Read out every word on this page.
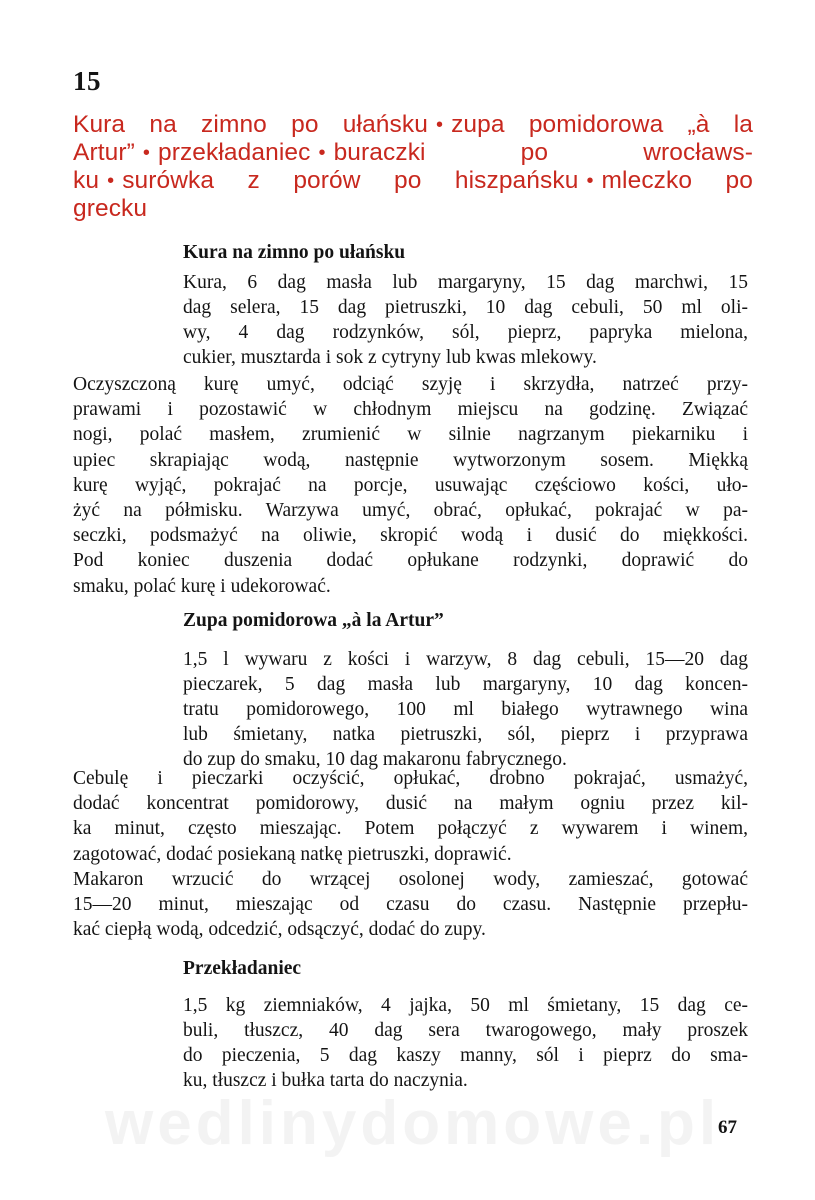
15
Kura na zimno po ułańsku • zupa pomidorowa „à la
Artur” • przekładaniec • buraczki po wrocławs-
ku • surówka z porów po hiszpańsku • mleczko po
grecku
Kura na zimno po ułańsku
Kura, 6 dag masła lub margaryny, 15 dag marchwi, 15
dag selera, 15 dag pietruszki, 10 dag cebuli, 50 ml oli-
wy, 4 dag rodzynków, sól, pieprz, papryka mielona,
cukier, musztarda i sok z cytryny lub kwas mlekowy.
Oczyszczoną kurę umyć, odciąć szyję i skrzydła, natrzeć przy-
prawami i pozostawić w chłodnym miejscu na godzinę. Związać
nogi, polać masłem, zrumienić w silnie nagrzanym piekarniku i
upiec skrapiając wodą, następnie wytworzonym sosem. Miękką
kurę wyjąć, pokrajać na porcje, usuwając częściowo kości, uło-
żyć na półmisku. Warzywa umyć, obrać, opłukać, pokrajać w pa-
seczki, podsmażyć na oliwie, skropić wodą i dusić do miękkości.
Pod koniec duszenia dodać opłukane rodzynki, doprawić do
smaku, polać kurę i udekorować.
Zupa pomidorowa „à la Artur”
1,5 l wywaru z kości i warzyw, 8 dag cebuli, 15—20 dag
pieczarek, 5 dag masła lub margaryny, 10 dag koncen-
tratu pomidorowego, 100 ml białego wytrawnego wina
lub śmietany, natka pietruszki, sól, pieprz i przyprawa
do zup do smaku, 10 dag makaronu fabrycznego.
Cebulę i pieczarki oczyścić, opłukać, drobno pokrajać, usmażyć,
dodać koncentrat pomidorowy, dusić na małym ogniu przez kil-
ka minut, często mieszając. Potem połączyć z wywarem i winem,
zagotować, dodać posiekaną natkę pietruszki, doprawić.
Makaron wrzucić do wrzącej osolonej wody, zamieszać, gotować
15—20 minut, mieszając od czasu do czasu. Następnie przepłu-
kać ciepłą wodą, odcedzić, odsączyć, dodać do zupy.
Przekładaniec
1,5 kg ziemniaków, 4 jajka, 50 ml śmietany, 15 dag ce-
buli, tłuszcz, 40 dag sera twarogowego, mały proszek
do pieczenia, 5 dag kaszy manny, sól i pieprz do sma-
ku, tłuszcz i bułka tarta do naczynia.
wedlinydomowe.pl
67
